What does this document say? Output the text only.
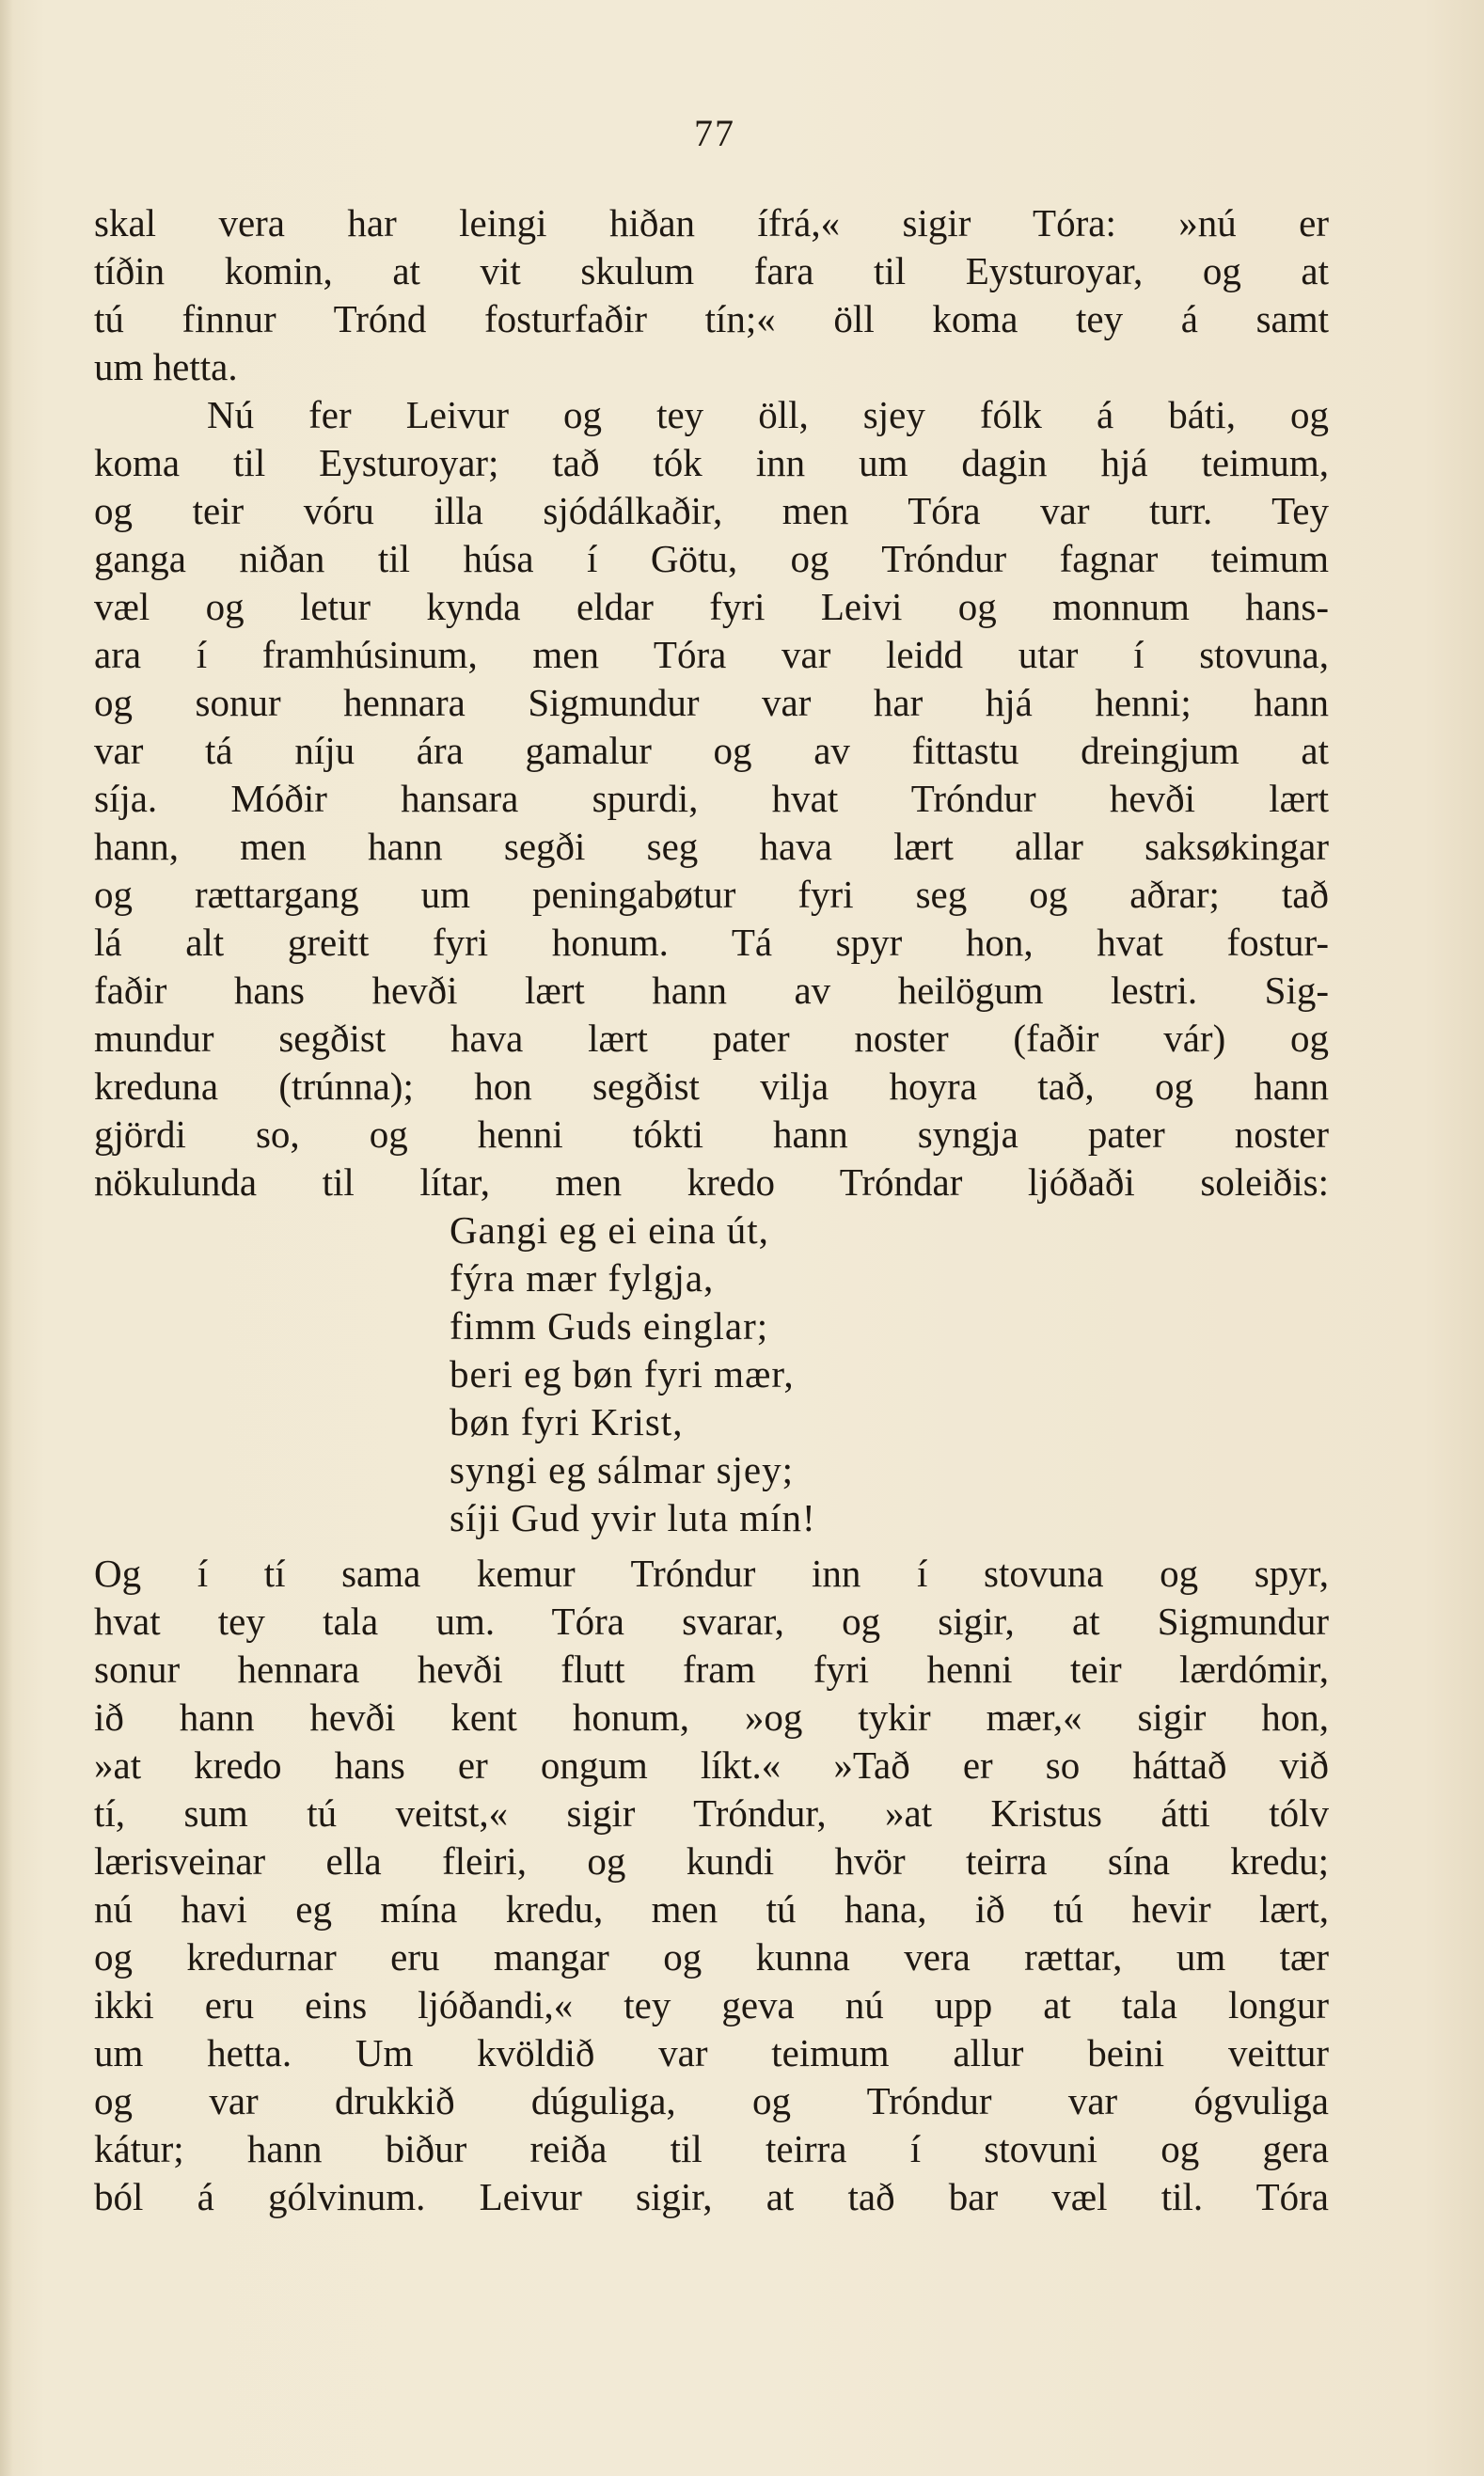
77
skal vera har leingi hiðan ífrá,« sigir Tóra: »nú er
tíðin komin, at vit skulum fara til Eysturoyar, og at
tú finnur Trónd fosturfaðir tín;« öll koma tey á samt
um hetta.
Nú fer Leivur og tey öll, sjey fólk á báti, og
koma til Eysturoyar; tað tók inn um dagin hjá teimum,
og teir vóru illa sjódálkaðir, men Tóra var turr. Tey
ganga niðan til húsa í Götu, og Tróndur fagnar teimum
væl og letur kynda eldar fyri Leivi og monnum hans-
ara í framhúsinum, men Tóra var leidd utar í stovuna,
og sonur hennara Sigmundur var har hjá henni; hann
var tá níju ára gamalur og av fittastu dreingjum at
síja. Móðir hansara spurdi, hvat Tróndur hevði lært
hann, men hann segði seg hava lært allar saksøkingar
og rættargang um peningabøtur fyri seg og aðrar; tað
lá alt greitt fyri honum. Tá spyr hon, hvat fostur-
faðir hans hevði lært hann av heilögum lestri. Sig-
mundur segðist hava lært pater noster (faðir vár) og
kreduna (trúnna); hon segðist vilja hoyra tað, og hann
gjördi so, og henni tókti hann syngja pater noster
nökulunda til lítar, men kredo Tróndar ljóðaði soleiðis:
Gangi eg ei eina út,
fýra mær fylgja,
fimm Guds einglar;
beri eg bøn fyri mær,
bøn fyri Krist,
syngi eg sálmar sjey;
síji Gud yvir luta mín!
Og í tí sama kemur Tróndur inn í stovuna og spyr,
hvat tey tala um. Tóra svarar, og sigir, at Sigmundur
sonur hennara hevði flutt fram fyri henni teir lærdómir,
ið hann hevði kent honum, »og tykir mær,« sigir hon,
»at kredo hans er ongum líkt.« »Tað er so háttað við
tí, sum tú veitst,« sigir Tróndur, »at Kristus átti tólv
lærisveinar ella fleiri, og kundi hvör teirra sína kredu;
nú havi eg mína kredu, men tú hana, ið tú hevir lært,
og kredurnar eru mangar og kunna vera rættar, um tær
ikki eru eins ljóðandi,« tey geva nú upp at tala longur
um hetta. Um kvöldið var teimum allur beini veittur
og var drukkið dúguliga, og Tróndur var ógvuliga
kátur; hann biður reiða til teirra í stovuni og gera
ból á gólvinum. Leivur sigir, at tað bar væl til. Tóra
